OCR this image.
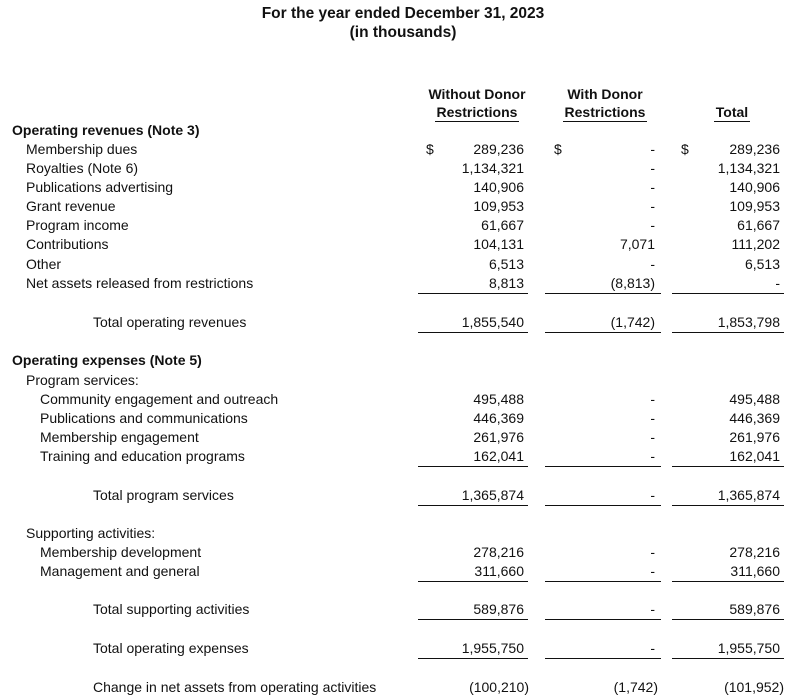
For the year ended December 31, 2023
(in thousands)
Without Donor
Restrictions
With Donor
Restrictions	Total
Operating revenues (Note 3)
Membership dues	$	289,236 $	- $	289,236
Royalties (Note 6)	1,134,321	-	1,134,321
Publications advertising	140,906	-	140,906
Grant revenue	109,953	-	109,953
Program income	61,667	-	61,667
Contributions	104,131	7,071	111,202
Other	6,513	-	6,513
Net assets released from restrictions	8,813	(8,813)	-
Total operating revenues	1,855,540	(1,742)	1,853,798
Operating expenses (Note 5)
Program services:
Community engagement and outreach	495,488	-	495,488
Publications and communications	446,369	-	446,369
Membership engagement	261,976	-	261,976
Training and education programs	162,041	-	162,041
Total program services	1,365,874	-	1,365,874
Supporting activities:
Membership development	278,216	-	278,216
Management and general	311,660	-	311,660
Total supporting activities	589,876	-	589,876
Total operating expenses	1,955,750	-	1,955,750
Change in net assets from operating activities	(100,210)	(1,742)	(101,952)
